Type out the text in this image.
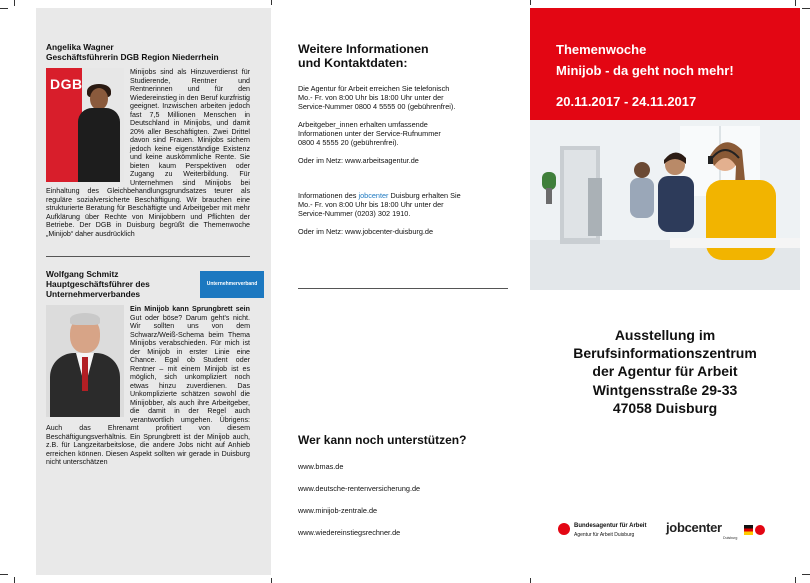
Angelika Wagner
Geschäftsführerin DGB Region Niederrhein
DGB
Minijobs sind als Hinzuverdienst für Studierende, Rentner und Rentnerinnen und für den Wiedereinstieg in den Beruf kurzfristig geeignet. Inzwischen arbeiten jedoch fast 7,5 Millionen Menschen in Deutschland in Minijobs, und damit 20% aller Beschäftigten. Zwei Drittel davon sind Frauen. Minijobs sichern jedoch keine eigenständige Existenz und keine auskömmliche Rente. Sie bieten kaum Perspektiven oder Zugang zu Weiterbildung. Für Unternehmen sind Minijobs bei Einhaltung des Gleichbehandlungsgrundsatzes teurer als reguläre sozialversicherte Beschäftigung. Wir brauchen eine strukturierte Beratung für Beschäftigte und Arbeitgeber mit mehr Aufklärung über Rechte von Minijobbern und Pflichten der Betriebe. Der DGB in Duisburg begrüßt die Themenwoche „Minijob“ daher ausdrücklich
Wolfgang Schmitz
Hauptgeschäftsführer des
Unternehmerverbandes
Unternehmerverband
Ein Minijob kann Sprungbrett sein Gut oder böse? Darum geht's nicht. Wir sollten uns von dem Schwarz/Weiß-Schema beim Thema Minijobs verabschieden. Für mich ist der Minijob in erster Linie eine Chance. Egal ob Student oder Rentner – mit einem Minijob ist es möglich, sich unkompliziert noch etwas hinzu zuverdienen. Das Unkomplizierte schätzen sowohl die Minijobber, als auch ihre Arbeitgeber, die damit in der Regel auch verantwortlich umgehen. Übrigens: Auch das Ehrenamt profitiert von diesem Beschäftigungsverhältnis. Ein Sprungbrett ist der Minijob auch, z.B. für Langzeitarbeitslose, die andere Jobs nicht auf Anhieb erreichen können. Diesen Aspekt sollten wir gerade in Duisburg nicht unterschätzen
Weitere Informationen
und Kontaktdaten:

Die Agentur für Arbeit erreichen Sie telefonisch
Mo.- Fr. von 8:00 Uhr bis 18:00 Uhr unter der
Service-Nummer 0800 4 5555 00 (gebührenfrei).

Arbeitgeber_innen erhalten umfassende
Informationen unter der Service-Rufnummer
0800 4 5555 20 (gebührenfrei).

Oder im Netz: www.arbeitsagentur.de

Informationen des jobcenter Duisburg erhalten Sie
Mo.- Fr. von 8:00 Uhr bis 18:00 Uhr unter der
Service-Nummer (0203) 302 1910.

Oder im Netz: www.jobcenter-duisburg.de

Wer kann noch unterstützen?

www.bmas.de

www.deutsche-rentenversicherung.de

www.minijob-zentrale.de

www.wiedereinstiegsrechner.de

Themenwoche
Minijob - da geht noch mehr!
20.11.2017 - 24.11.2017
Ausstellung im
Berufsinformationszentrum
der Agentur für Arbeit
Wintgensstraße 29-33
47058 Duisburg
Bundesagentur für Arbeit
Agentur für Arbeit Duisburg jobcenter
Duisburg
